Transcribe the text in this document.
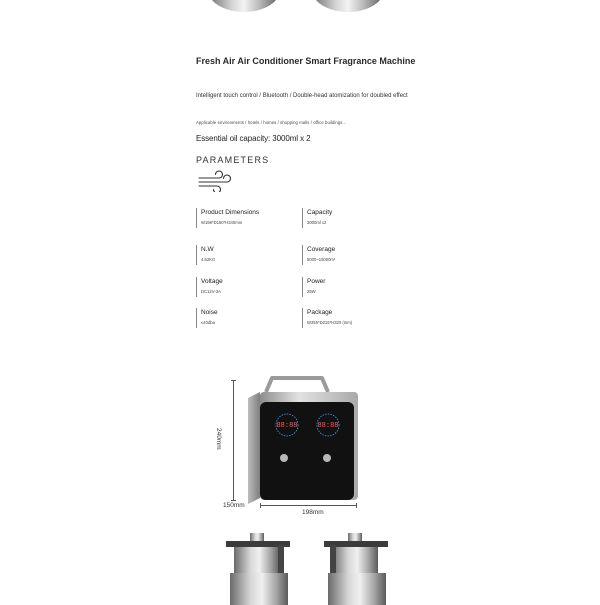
Fresh Air Air Conditioner Smart Fragrance Machine
Intelligent touch control / Bluetooth / Double-head atomization for doubled effect
Applicable environments / hotels / homes / shopping malls / office buildings...
Essential oil capacity: 3000ml x 2
PARAMETERS
Product Dimensions
W198*D150*H240mm
Capacity
3000ml x2
N.W
4.52KG
Coverage
5000~15000m³
Voltage
DC12V-3A
Power
25W
Noise
≤40dba
Package
W255*D215*H320 (mm)
88:88	88:88
240mm
198mm
150mm
